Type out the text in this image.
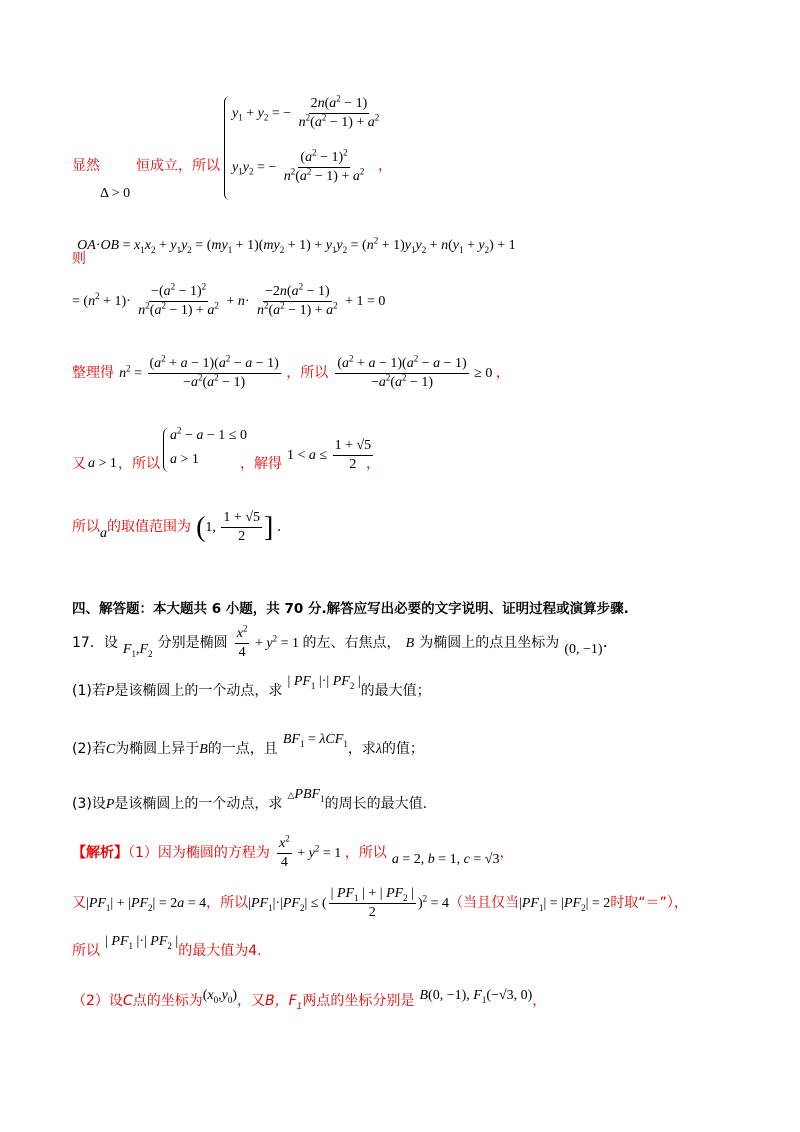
显然	恒成立，所以
Δ > 0
$y_1 + y_2$ = − $\frac{2n(a^2 - 1)}{n^2(a^2 - 1) + a^2}$
$y_1y_2$ = − $\frac{(a^2 - 1)^2}{n^2(a^2 - 1) + a^2}$ ，
则 $OA\cdot OB = x_1x_2 + y_1y_2 = (my_1 + 1)(my_2 + 1) + y_1y_2 = (n^2 + 1)y_1y_2 + n(y_1 + y_2) + 1$
= $(n^2 + 1)\cdot \frac{-(a^2 - 1)^2}{n^2(a^2 - 1) + a^2} + n\cdot \frac{-2n(a^2 - 1)}{n^2(a^2 - 1) + a^2} + 1 = 0$
整理得 $n^2 = \frac{(a^2 + a - 1)(a^2 - a - 1)}{-a^2(a^2 - 1)}$ ，所以 $\frac{(a^2 + a - 1)(a^2 - a - 1)}{-a^2(a^2 - 1)} \ge 0$ ，
又 a > 1 ，所以
$a^2 - a - 1 \le 0$
a > 1	，解得
$1 < a \le \frac{1 + √5}{2}$
，
所以a的取值范围为 (1, $\frac{1 + √5}{2}$ ] .
四、解答题：本大题共 6 小题，共 70 分.解答应写出必要的文字说明、证明过程或演算步骤.
17．设 $F_1,F_2$ 分别是椭圆 $\frac{x^2}{4} + y^2 = 1$ 的左、右焦点， B 为椭圆上的点且坐标为 (0, −1).
(1)若P是该椭圆上的一个动点，求 | $PF_1$ |·| $PF_2$ |的最大值；
(2)若C为椭圆上异于B的一点，且 $BF_1 = \lambda CF_1$，求λ的值；
(3)设P是该椭圆上的一个动点，求 $\triangle PBF_1$的周长的最大值.
【解析】（1）因为椭圆的方程为 $\frac{x^2}{4} + y^2 = 1$ ，所以 a = 2, b = 1, c = √3，
又$|PF_1| + |PF_2| = 2a = 4$，所以$|PF_1|\cdot|PF_2|$ ≤ ( $\frac{| PF_1 | + | PF_2 |}{2} )^2 = 4$（当且仅当$|PF_1| = |PF_2| = 2$时取“＝”），
所以 | $PF_1$ |·| $PF_2$ |的最大值为4.
（2）设C点的坐标为$(x_0,y_0)$，又B，$F_1$两点的坐标分别是 B(0, −1), $F_1(-√3$, 0)，
